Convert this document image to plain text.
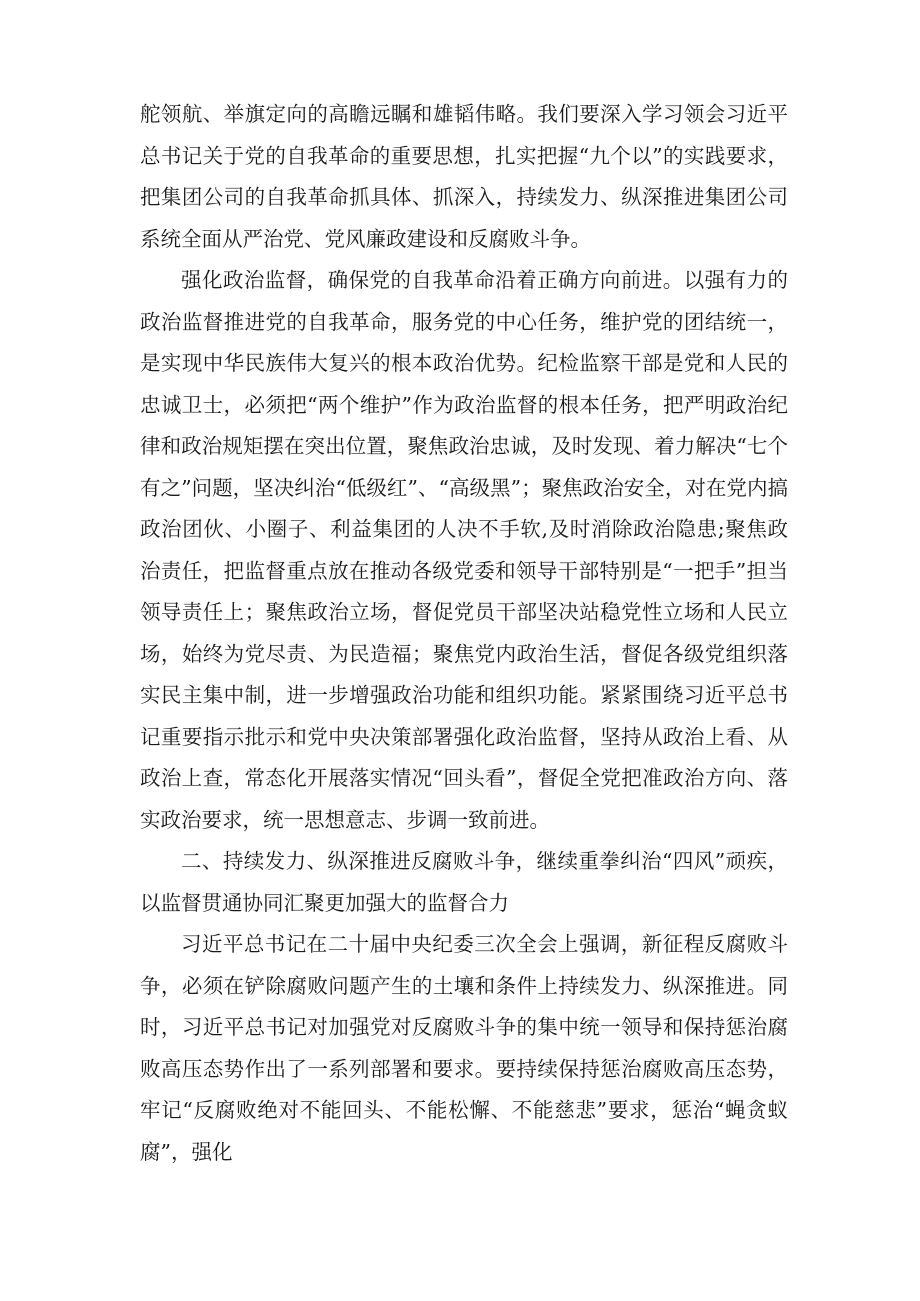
舵领航、举旗定向的高瞻远瞩和雄韬伟略。我们要深入学习领会习近平总书记关于党的自我革命的重要思想，扎实把握“九个以”的实践要求，把集团公司的自我革命抓具体、抓深入，持续发力、纵深推进集团公司系统全面从严治党、党风廉政建设和反腐败斗争。

强化政治监督，确保党的自我革命沿着正确方向前进。以强有力的政治监督推进党的自我革命，服务党的中心任务，维护党的团结统一，是实现中华民族伟大复兴的根本政治优势。纪检监察干部是党和人民的忠诚卫士，必须把“两个维护”作为政治监督的根本任务，把严明政治纪律和政治规矩摆在突出位置，聚焦政治忠诚，及时发现、着力解决“七个有之”问题，坚决纠治“低级红”、“高级黑”；聚焦政治安全，对在党内搞政治团伙、小圈子、利益集团的人决不手软,及时消除政治隐患;聚焦政治责任，把监督重点放在推动各级党委和领导干部特别是“一把手”担当领导责任上；聚焦政治立场，督促党员干部坚决站稳党性立场和人民立场，始终为党尽责、为民造福；聚焦党内政治生活，督促各级党组织落实民主集中制，进一步增强政治功能和组织功能。紧紧围绕习近平总书记重要指示批示和党中央决策部署强化政治监督，坚持从政治上看、从政治上查，常态化开展落实情况“回头看”，督促全党把准政治方向、落实政治要求，统一思想意志、步调一致前进。

二、持续发力、纵深推进反腐败斗争，继续重拳纠治“四风”顽疾，以监督贯通协同汇聚更加强大的监督合力

习近平总书记在二十届中央纪委三次全会上强调，新征程反腐败斗争，必须在铲除腐败问题产生的土壤和条件上持续发力、纵深推进。同时，习近平总书记对加强党对反腐败斗争的集中统一领导和保持惩治腐败高压态势作出了一系列部署和要求。要持续保持惩治腐败高压态势，牢记“反腐败绝对不能回头、不能松懈、不能慈悲”要求，惩治“蝇贪蚁腐”，强化
